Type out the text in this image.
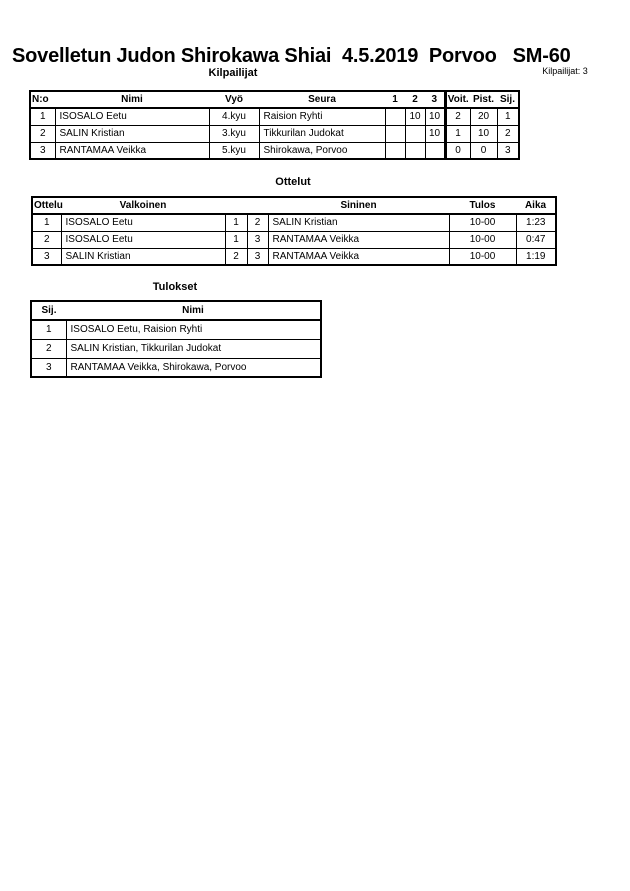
Sovelletun Judon Shirokawa Shiai  4.5.2019  Porvoo   SM-60
Kilpailijat: 3
Kilpailijat
N:o	Nimi	Vyö	Seura	1	2	3	Voit.	Pist.	Sij.
1	ISOSALO Eetu	4.kyu	Raision Ryhti		10	10	2	20	1
2	SALIN Kristian	3.kyu	Tikkurilan Judokat			10	1	10	2
3	RANTAMAA Veikka	5.kyu	Shirokawa, Porvoo				0	0	3
Ottelut
Ottelu	Valkoinen			Sininen	Tulos	Aika
1	ISOSALO Eetu	1	2	SALIN Kristian	10-00	1:23
2	ISOSALO Eetu	1	3	RANTAMAA Veikka	10-00	0:47
3	SALIN Kristian	2	3	RANTAMAA Veikka	10-00	1:19
Tulokset
Sij.	Nimi
1	ISOSALO Eetu, Raision Ryhti
2	SALIN Kristian, Tikkurilan Judokat
3	RANTAMAA Veikka, Shirokawa, Porvoo
